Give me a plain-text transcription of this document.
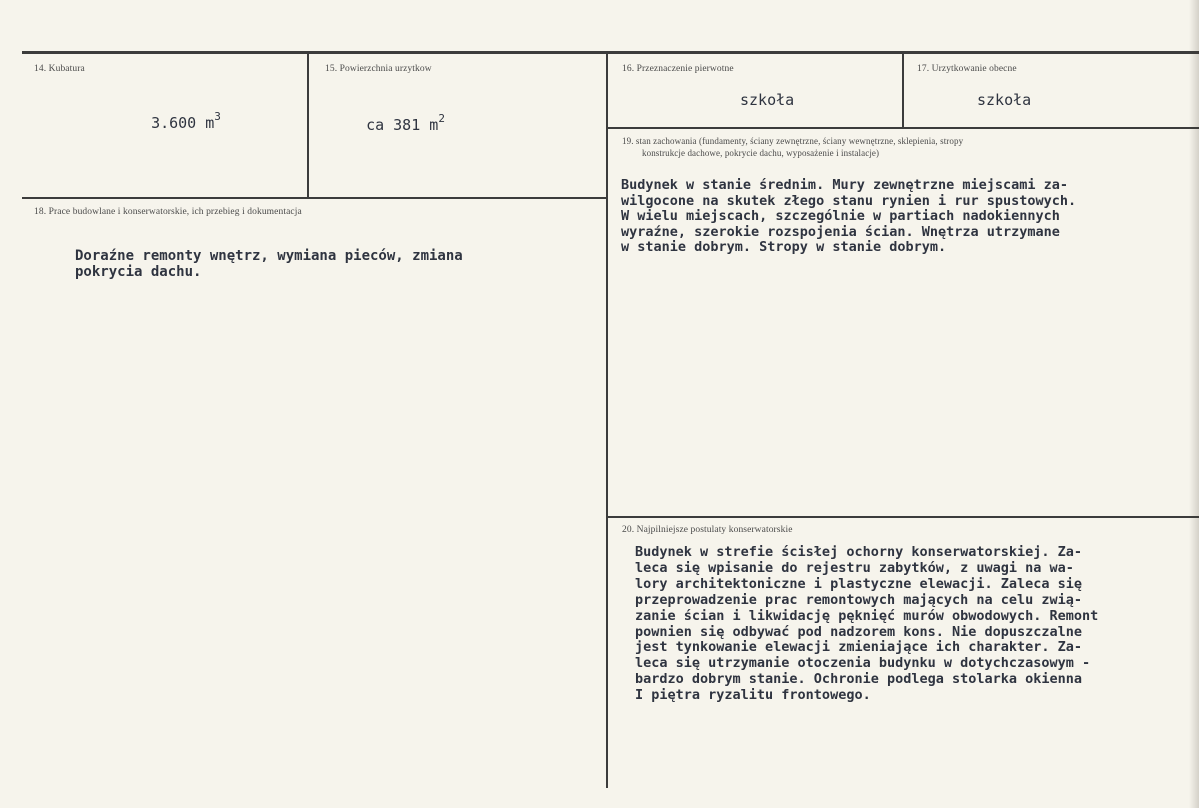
14. Kubatura

3.600 $m^3$

15. Powierzchnia urzytkow

ca 381 $m^2$

16. Przeznaczenie pierwotne
szkoła
17. Urzytkowanie obecne
szkoła
19. stan zachowania (fundamenty, ściany zewnętrzne, ściany wewnętrzne, sklepienia, stropy
konstrukcje dachowe, pokrycie dachu, wyposażenie i instalacje)
Budynek w stanie średnim. Mury zewnętrzne miejscami za-
wilgocone na skutek złego stanu rynien i rur spustowych.
W wielu miejscach, szczególnie w partiach nadokiennych
wyraźne, szerokie rozspojenia ścian. Wnętrza utrzymane
w stanie dobrym. Stropy w stanie dobrym.
18. Prace budowlane i konserwatorskie, ich przebieg i dokumentacja
Doraźne remonty wnętrz, wymiana pieców, zmiana
pokrycia dachu.
20. Najpilniejsze postulaty konserwatorskie
Budynek w strefie ścisłej ochorny konserwatorskiej. Za-
leca się wpisanie do rejestru zabytków, z uwagi na wa-
lory architektoniczne i plastyczne elewacji. Zaleca się
przeprowadzenie prac remontowych mających na celu zwią-
zanie ścian i likwidację pęknięć murów obwodowych. Remont
pownien się odbywać pod nadzorem kons. Nie dopuszczalne
jest tynkowanie elewacji zmieniające ich charakter. Za-
leca się utrzymanie otoczenia budynku w dotychczasowym -
bardzo dobrym stanie. Ochronie podlega stolarka okienna
I piętra ryzalitu frontowego.
